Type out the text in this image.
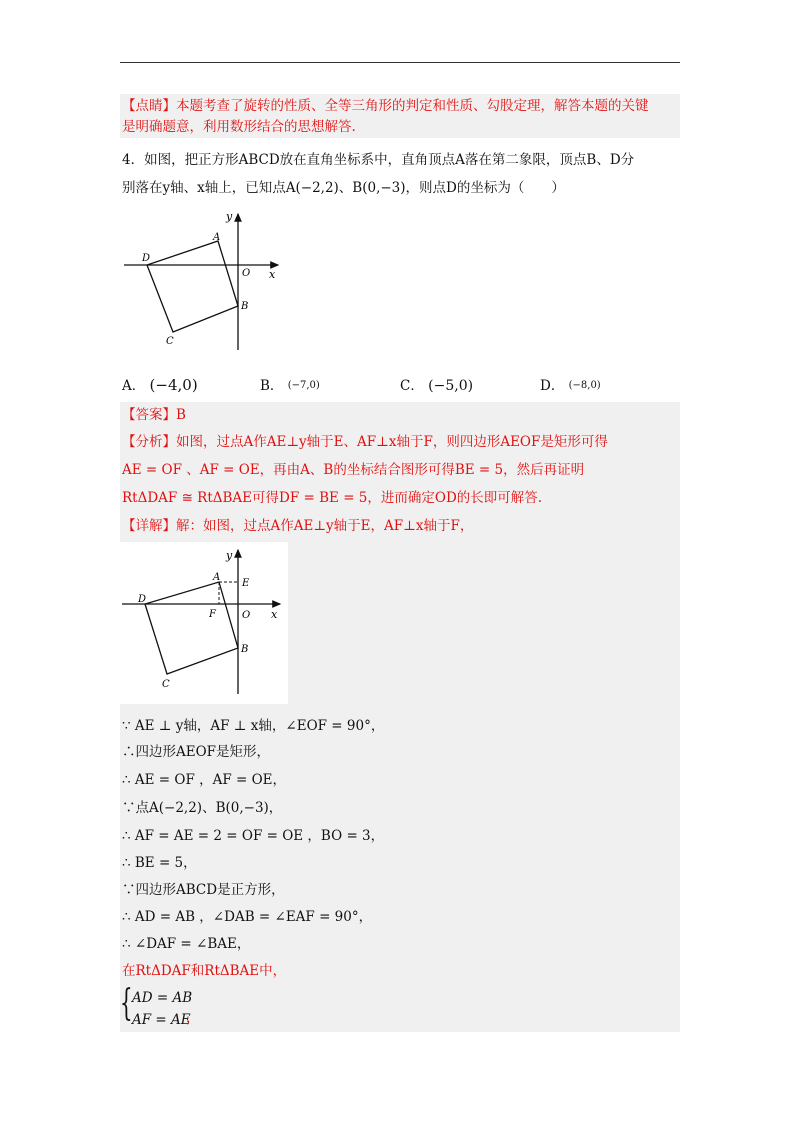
【点睛】本题考查了旋转的性质、全等三角形的判定和性质、勾股定理，解答本题的关键
是明确题意，利用数形结合的思想解答.
4．如图，把正方形ABCD放在直角坐标系中，直角顶点A落在第二象限，顶点B、D分
别落在y轴、x轴上，已知点A(−2,2)、B(0,−3)，则点D的坐标为（　　）
y
x
A
D
O
B
C
A． (−4,0)	B． (−7,0)	C． (−5,0)	D． (−8,0)
【答案】B
【分析】如图，过点A作AE⊥y轴于E、AF⊥x轴于F，则四边形AEOF是矩形可得
AE = OF 、AF = OE，再由A、B的坐标结合图形可得BE = 5，然后再证明
RtΔDAF ≅ RtΔBAE可得DF = BE = 5，进而确定OD的长即可解答.
【详解】解：如图，过点A作AE⊥y轴于E，AF⊥x轴于F，
y
x
A
E
D
F	O
B
C
∵ AE ⊥ y轴，AF ⊥ x轴，∠EOF = 90°，
∴四边形AEOF是矩形，
∴ AE = OF ，AF = OE，
∵点A(−2,2)、B(0,−3)，
∴ AF = AE = 2 = OF = OE ，BO = 3，
∴ BE = 5，
∵四边形ABCD是正方形，
∴ AD = AB ，∠DAB = ∠EAF = 90°，
∴ ∠DAF = ∠BAE，
在RtΔDAF和RtΔBAE中，
{ AD = AB
AF = AE
，
